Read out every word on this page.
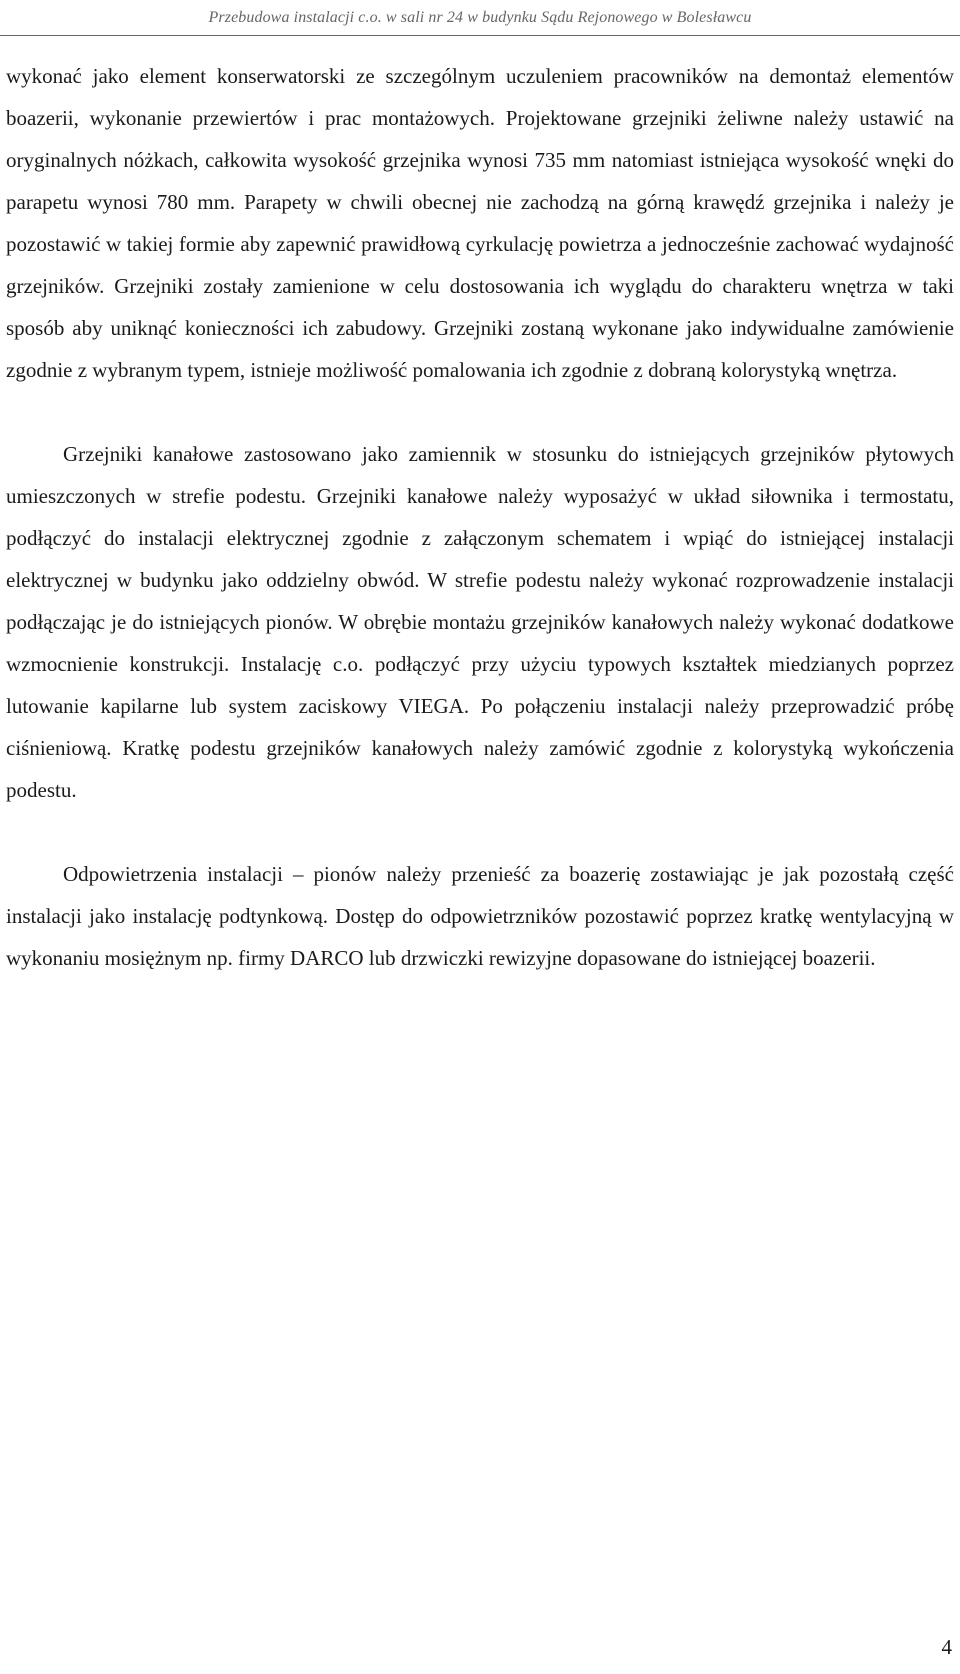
Przebudowa instalacji c.o. w sali nr 24 w budynku Sądu Rejonowego w Bolesławcu

wykonać jako element konserwatorski ze szczególnym uczuleniem pracowników na demontaż elementów boazerii, wykonanie przewiertów i prac montażowych. Projektowane grzejniki żeliwne należy ustawić na oryginalnych nóżkach, całkowita wysokość grzejnika wynosi 735 mm natomiast istniejąca wysokość wnęki do parapetu wynosi 780 mm. Parapety w chwili obecnej nie zachodzą na górną krawędź grzejnika i należy je pozostawić w takiej formie aby zapewnić prawidłową cyrkulację powietrza a jednocześnie zachować wydajność grzejników. Grzejniki zostały zamienione w celu dostosowania ich wyglądu do charakteru wnętrza w taki sposób aby uniknąć konieczności ich zabudowy. Grzejniki zostaną wykonane jako indywidualne zamówienie zgodnie z wybranym typem, istnieje możliwość pomalowania ich zgodnie z dobraną kolorystyką wnętrza.

Grzejniki kanałowe zastosowano jako zamiennik w stosunku do istniejących grzejników płytowych umieszczonych w strefie podestu. Grzejniki kanałowe należy wyposażyć w układ siłownika i termostatu, podłączyć do instalacji elektrycznej zgodnie z załączonym schematem i wpiąć do istniejącej instalacji elektrycznej w budynku jako oddzielny obwód. W strefie podestu należy wykonać rozprowadzenie instalacji podłączając je do istniejących pionów. W obrębie montażu grzejników kanałowych należy wykonać dodatkowe wzmocnienie konstrukcji. Instalację c.o. podłączyć przy użyciu typowych kształtek miedzianych poprzez lutowanie kapilarne lub system zaciskowy VIEGA. Po połączeniu instalacji należy przeprowadzić próbę ciśnieniową. Kratkę podestu grzejników kanałowych należy zamówić zgodnie z kolorystyką wykończenia podestu.

Odpowietrzenia instalacji – pionów należy przenieść za boazerię zostawiając je jak pozostałą część instalacji jako instalację podtynkową. Dostęp do odpowietrzników pozostawić poprzez kratkę wentylacyjną w wykonaniu mosiężnym np. firmy DARCO lub drzwiczki rewizyjne dopasowane do istniejącej boazerii.

4
